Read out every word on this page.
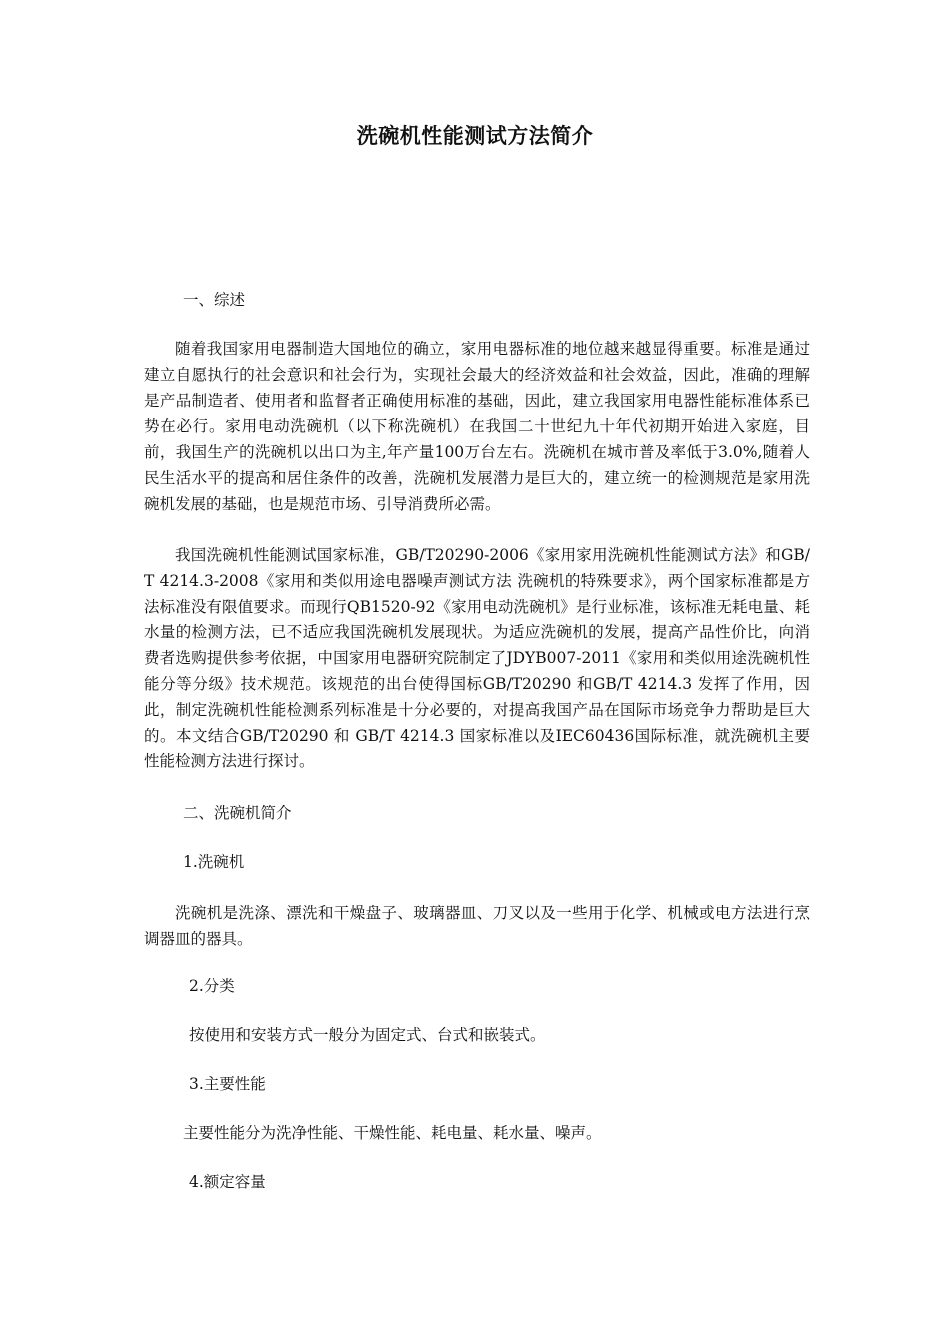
洗碗机性能测试方法简介

一、综述

随着我国家用电器制造大国地位的确立，家用电器标准的地位越来越显得重要。标准是通过建立自愿执行的社会意识和社会行为，实现社会最大的经济效益和社会效益，因此，准确的理解是产品制造者、使用者和监督者正确使用标准的基础，因此，建立我国家用电器性能标准体系已势在必行。家用电动洗碗机（以下称洗碗机）在我国二十世纪九十年代初期开始进入家庭，目前，我国生产的洗碗机以出口为主,年产量100万台左右。洗碗机在城市普及率低于3.0%,随着人民生活水平的提高和居住条件的改善，洗碗机发展潜力是巨大的，建立统一的检测规范是家用洗碗机发展的基础，也是规范市场、引导消费所必需。

我国洗碗机性能测试国家标准，GB/T20290-2006《家用家用洗碗机性能测试方法》和GB/T 4214.3-2008《家用和类似用途电器噪声测试方法 洗碗机的特殊要求》，两个国家标准都是方法标准没有限值要求。而现行QB1520-92《家用电动洗碗机》是行业标准，该标准无耗电量、耗水量的检测方法，已不适应我国洗碗机发展现状。为适应洗碗机的发展，提高产品性价比，向消费者选购提供参考依据，中国家用电器研究院制定了JDYB007-2011《家用和类似用途洗碗机性能分等分级》技术规范。该规范的出台使得国标GB/T20290 和GB/T 4214.3 发挥了作用，因此，制定洗碗机性能检测系列标准是十分必要的，对提高我国产品在国际市场竞争力帮助是巨大的。本文结合GB/T20290 和 GB/T 4214.3 国家标准以及IEC60436国际标准，就洗碗机主要性能检测方法进行探讨。

二、洗碗机简介

1.洗碗机

洗碗机是洗涤、漂洗和干燥盘子、玻璃器皿、刀叉以及一些用于化学、机械或电方法进行烹调器皿的器具。

2.分类

按使用和安装方式一般分为固定式、台式和嵌装式。

3.主要性能

主要性能分为洗净性能、干燥性能、耗电量、耗水量、噪声。

4.额定容量
